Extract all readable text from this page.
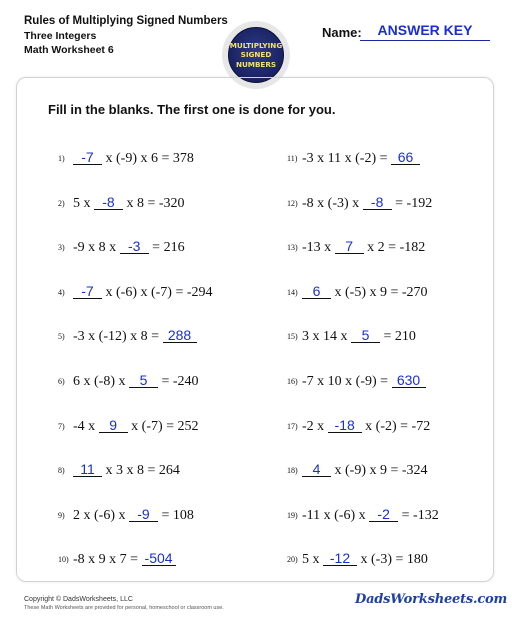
Rules of Multiplying Signed Numbers
Three Integers
Math Worksheet 6	MULTIPLYING
SIGNED
NUMBERS
Name:	ANSWER KEY
Fill in the blanks. The first one is done for you.
1) -7 x (-9) x 6 = 378
2) 5 x -8 x 8 = -320
3) -9 x 8 x -3 = 216
4) -7 x (-6) x (-7) = -294
5) -3 x (-12) x 8 = 288
6) 6 x (-8) x 5 = -240
7) -4 x 9 x (-7) = 252
8) 11 x 3 x 8 = 264
9) 2 x (-6) x -9 = 108
10) -8 x 9 x 7 = -504
11) -3 x 11 x (-2) = 66
12) -8 x (-3) x -8 = -192
13) -13 x 7 x 2 = -182
14) 6 x (-5) x 9 = -270
15) 3 x 14 x 5 = 210
16) -7 x 10 x (-9) = 630
17) -2 x -18 x (-2) = -72
18) 4 x (-9) x 9 = -324
19) -11 x (-6) x -2 = -132
20) 5 x -12 x (-3) = 180
Copyright © DadsWorksheets, LLC
These Math Worksheets are provided for personal, homeschool or classroom use.
DadsWorksheets.com
